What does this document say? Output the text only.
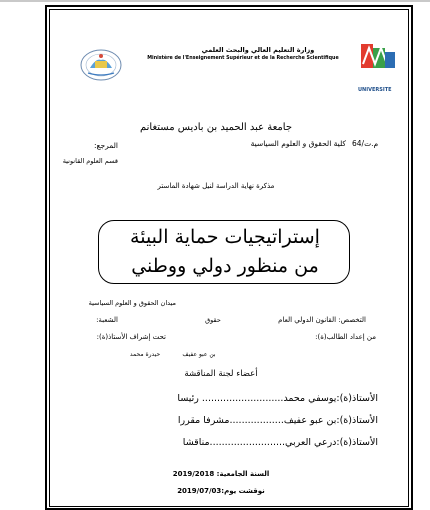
UNIVERSITE
وزارة التعليم العالي والبحث العلمي
Ministère de l'Enseignement Supérieur et de la Recherche Scientifique
جامعة عبد الحميد بن باديس مستغانم
64/م.ت
كلية الحقوق و العلوم السياسية
المرجع:
قسم العلوم القانونية
مذكرة نهاية الدراسة لنيل شهادة الماستر
إستراتيجيات حماية البيئة
من منظور دولي ووطني
ميدان الحقوق و العلوم السياسية
الشعبة:	حقوق	التخصص: القانون الدولي العام
تحت إشراف الأستاذ(ة):	من إعداد الطالب(ة):
حيدرة محمد	بن عبو عفيف
أعضاء لجنة المناقشة
الأستاذ(ة):يوسفي محمد........................... رئيسا
الأستاذ(ة):بن عبو عفيف..................مشرفا مقررا
الأستاذ(ة):درعي العربي.........................مناقشا
السنة الجامعية: 2019/2018
نوقشت يوم:2019/07/03
